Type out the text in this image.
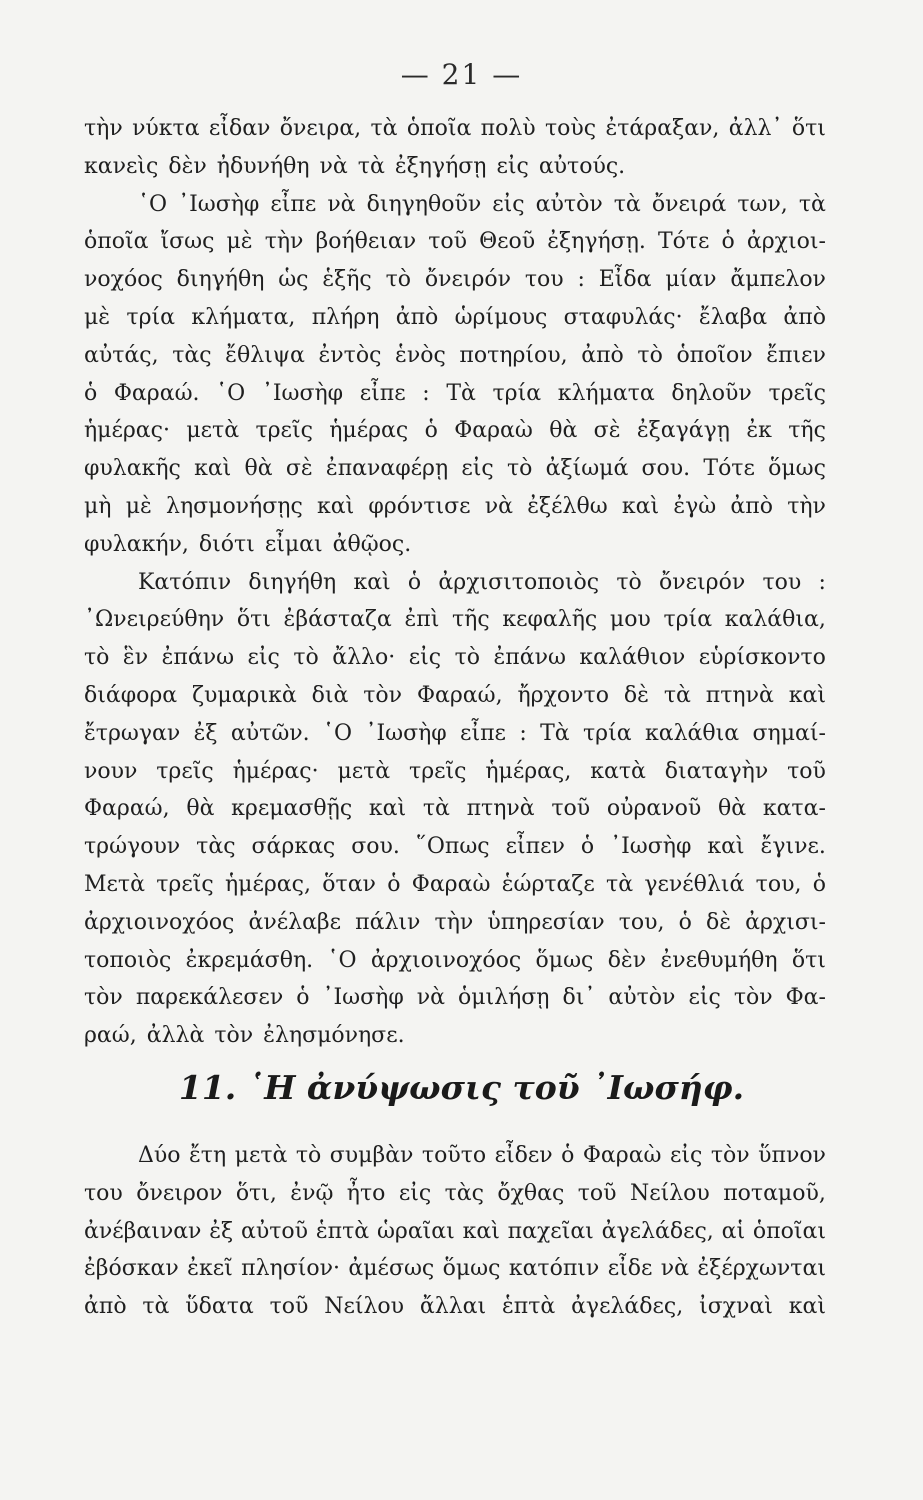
— 21 —
τὴν νύκτα εἶδαν ὄνειρα, τὰ ὁποῖα πολὺ τοὺς ἐτάραξαν, ἀλλ᾽ ὅτι
κανεὶς δὲν ἠδυνήθη νὰ τὰ ἐξηγήσῃ εἰς αὐτούς.
῾Ο ᾿Ιωσὴφ εἶπε νὰ διηγηθοῦν εἰς αὐτὸν τὰ ὄνειρά των, τὰ
ὁποῖα ἴσως μὲ τὴν βοήθειαν τοῦ Θεοῦ ἐξηγήσῃ. Τότε ὁ ἀρχιοι-
νοχόος διηγήθη ὡς ἑξῆς τὸ ὄνειρόν του : Εἶδα μίαν ἄμπελον
μὲ τρία κλήματα, πλήρη ἀπὸ ὡρίμους σταφυλάς· ἔλαβα ἀπὸ
αὐτάς, τὰς ἔθλιψα ἐντὸς ἑνὸς ποτηρίου, ἀπὸ τὸ ὁποῖον ἔπιεν
ὁ Φαραώ. ῾Ο ᾿Ιωσὴφ εἶπε : Τὰ τρία κλήματα δηλοῦν τρεῖς
ἡμέρας· μετὰ τρεῖς ἡμέρας ὁ Φαραὼ θὰ σὲ ἐξαγάγῃ ἐκ τῆς
φυλακῆς καὶ θὰ σὲ ἐπαναφέρῃ εἰς τὸ ἀξίωμά σου. Τότε ὅμως
μὴ μὲ λησμονήσῃς καὶ φρόντισε νὰ ἐξέλθω καὶ ἐγὼ ἀπὸ τὴν
φυλακήν, διότι εἶμαι ἀθῷος.
Κατόπιν διηγήθη καὶ ὁ ἀρχισιτοποιὸς τὸ ὄνειρόν του :
᾿Ωνειρεύθην ὅτι ἐβάσταζα ἐπὶ τῆς κεφαλῆς μου τρία καλάθια,
τὸ ἓν ἐπάνω εἰς τὸ ἄλλο· εἰς τὸ ἐπάνω καλάθιον εὑρίσκοντο
διάφορα ζυμαρικὰ διὰ τὸν Φαραώ, ἤρχοντο δὲ τὰ πτηνὰ καὶ
ἔτρωγαν ἐξ αὐτῶν. ῾Ο ᾿Ιωσὴφ εἶπε : Τὰ τρία καλάθια σημαί-
νουν τρεῖς ἡμέρας· μετὰ τρεῖς ἡμέρας, κατὰ διαταγὴν τοῦ
Φαραώ, θὰ κρεμασθῇς καὶ τὰ πτηνὰ τοῦ οὐρανοῦ θὰ κατα-
τρώγουν τὰς σάρκας σου. ῞Οπως εἶπεν ὁ ᾿Ιωσὴφ καὶ ἔγινε.
Μετὰ τρεῖς ἡμέρας, ὅταν ὁ Φαραὼ ἑώρταζε τὰ γενέθλιά του, ὁ
ἀρχιοινοχόος ἀνέλαβε πάλιν τὴν ὑπηρεσίαν του, ὁ δὲ ἀρχισι-
τοποιὸς ἐκρεμάσθη. ῾Ο ἀρχιοινοχόος ὅμως δὲν ἐνεθυμήθη ὅτι
τὸν παρεκάλεσεν ὁ ᾿Ιωσὴφ νὰ ὁμιλήσῃ δι᾽ αὐτὸν εἰς τὸν Φα-
ραώ, ἀλλὰ τὸν ἐλησμόνησε.
11. ῾Η ἀνύψωσις τοῦ ᾿Ιωσήφ.
Δύο ἔτη μετὰ τὸ συμβὰν τοῦτο εἶδεν ὁ Φαραὼ εἰς τὸν ὕπνον
του ὄνειρον ὅτι, ἐνῷ ἦτο εἰς τὰς ὄχθας τοῦ Νείλου ποταμοῦ,
ἀνέβαιναν ἐξ αὐτοῦ ἑπτὰ ὡραῖαι καὶ παχεῖαι ἀγελάδες, αἱ ὁποῖαι
ἐβόσκαν ἐκεῖ πλησίον· ἀμέσως ὅμως κατόπιν εἶδε νὰ ἐξέρχωνται
ἀπὸ τὰ ὕδατα τοῦ Νείλου ἄλλαι ἑπτὰ ἀγελάδες, ἰσχναὶ καὶ
